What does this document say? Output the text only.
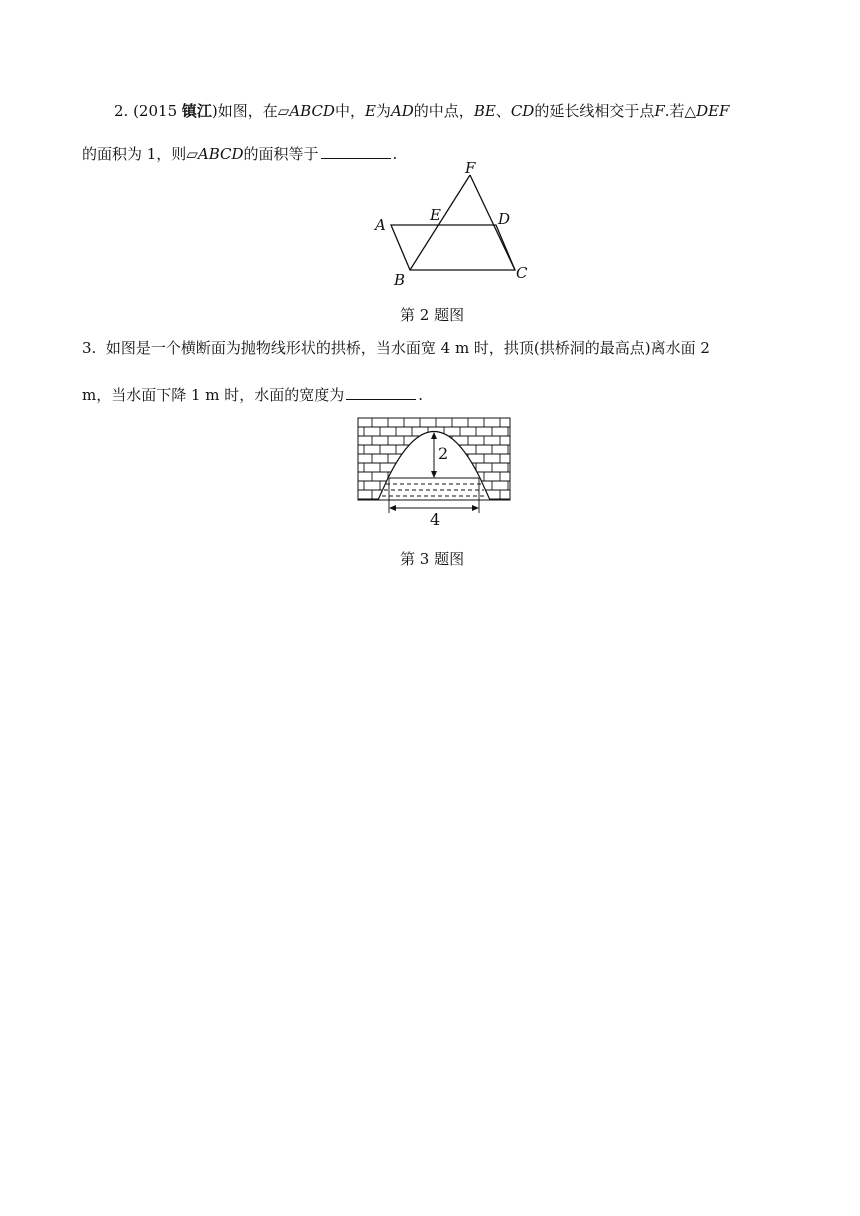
2. (2015 镇江)如图，在▱ABCD中，E为AD的中点，BE、CD的延长线相交于点F.若△DEF
的面积为 1，则▱ABCD的面积等于	.
F
A
E	D
B	C
第 2 题图
3. 如图是一个横断面为抛物线形状的拱桥，当水面宽 4 m 时，拱顶(拱桥洞的最高点)离水面 2
m，当水面下降 1 m 时，水面的宽度为	.
2
4
第 3 题图
